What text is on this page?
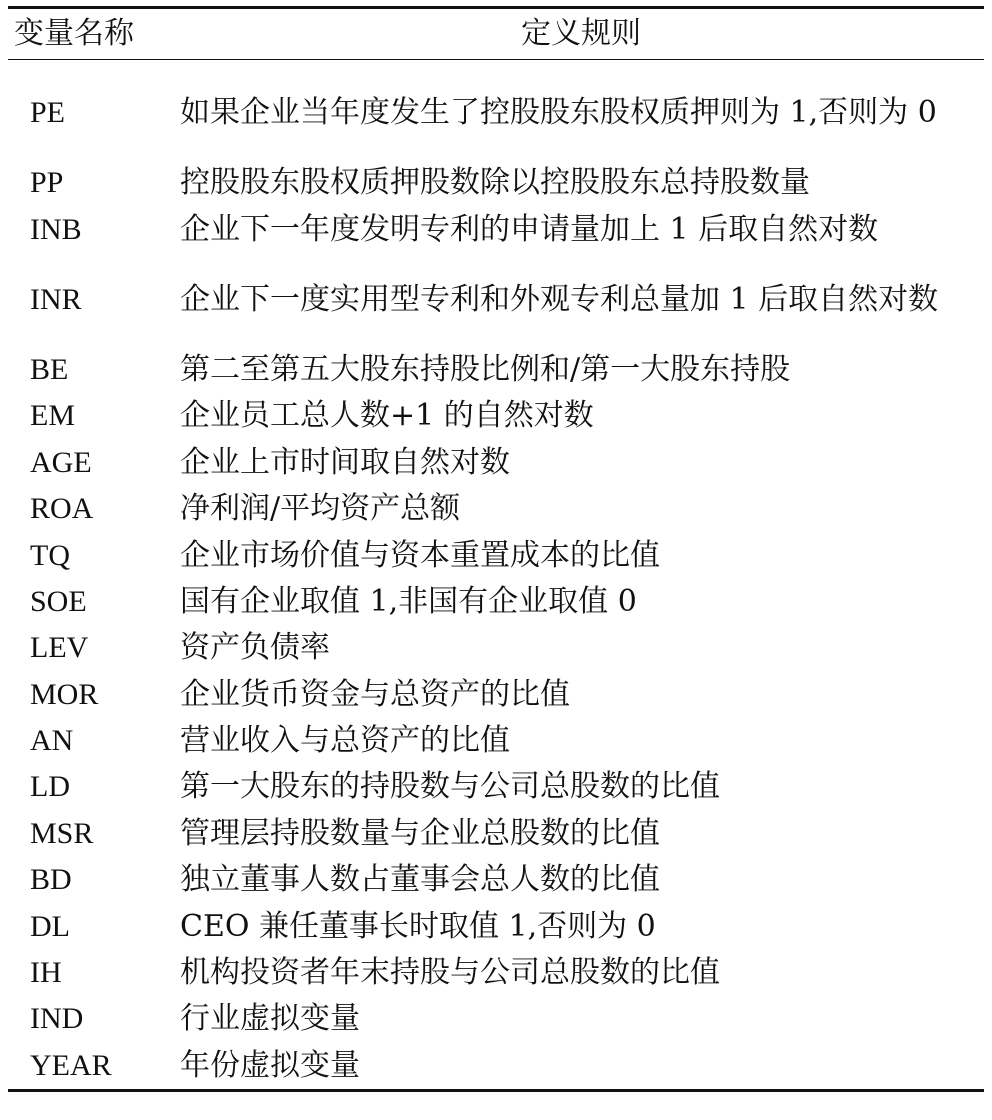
变量名称	定义规则
PE	如果企业当年度发生了控股股东股权质押则为 1,否则为 0
PP	控股股东股权质押股数除以控股股东总持股数量
INB	企业下一年度发明专利的申请量加上 1 后取自然对数
INR	企业下一度实用型专利和外观专利总量加 1 后取自然对数
BE	第二至第五大股东持股比例和/第一大股东持股
EM	企业员工总人数+1 的自然对数
AGE	企业上市时间取自然对数
ROA	净利润/平均资产总额
TQ	企业市场价值与资本重置成本的比值
SOE	国有企业取值 1,非国有企业取值 0
LEV	资产负债率
MOR	企业货币资金与总资产的比值
AN	营业收入与总资产的比值
LD	第一大股东的持股数与公司总股数的比值
MSR	管理层持股数量与企业总股数的比值
BD	独立董事人数占董事会总人数的比值
DL	CEO 兼任董事长时取值 1,否则为 0
IH	机构投资者年末持股与公司总股数的比值
IND	行业虚拟变量
YEAR	年份虚拟变量
